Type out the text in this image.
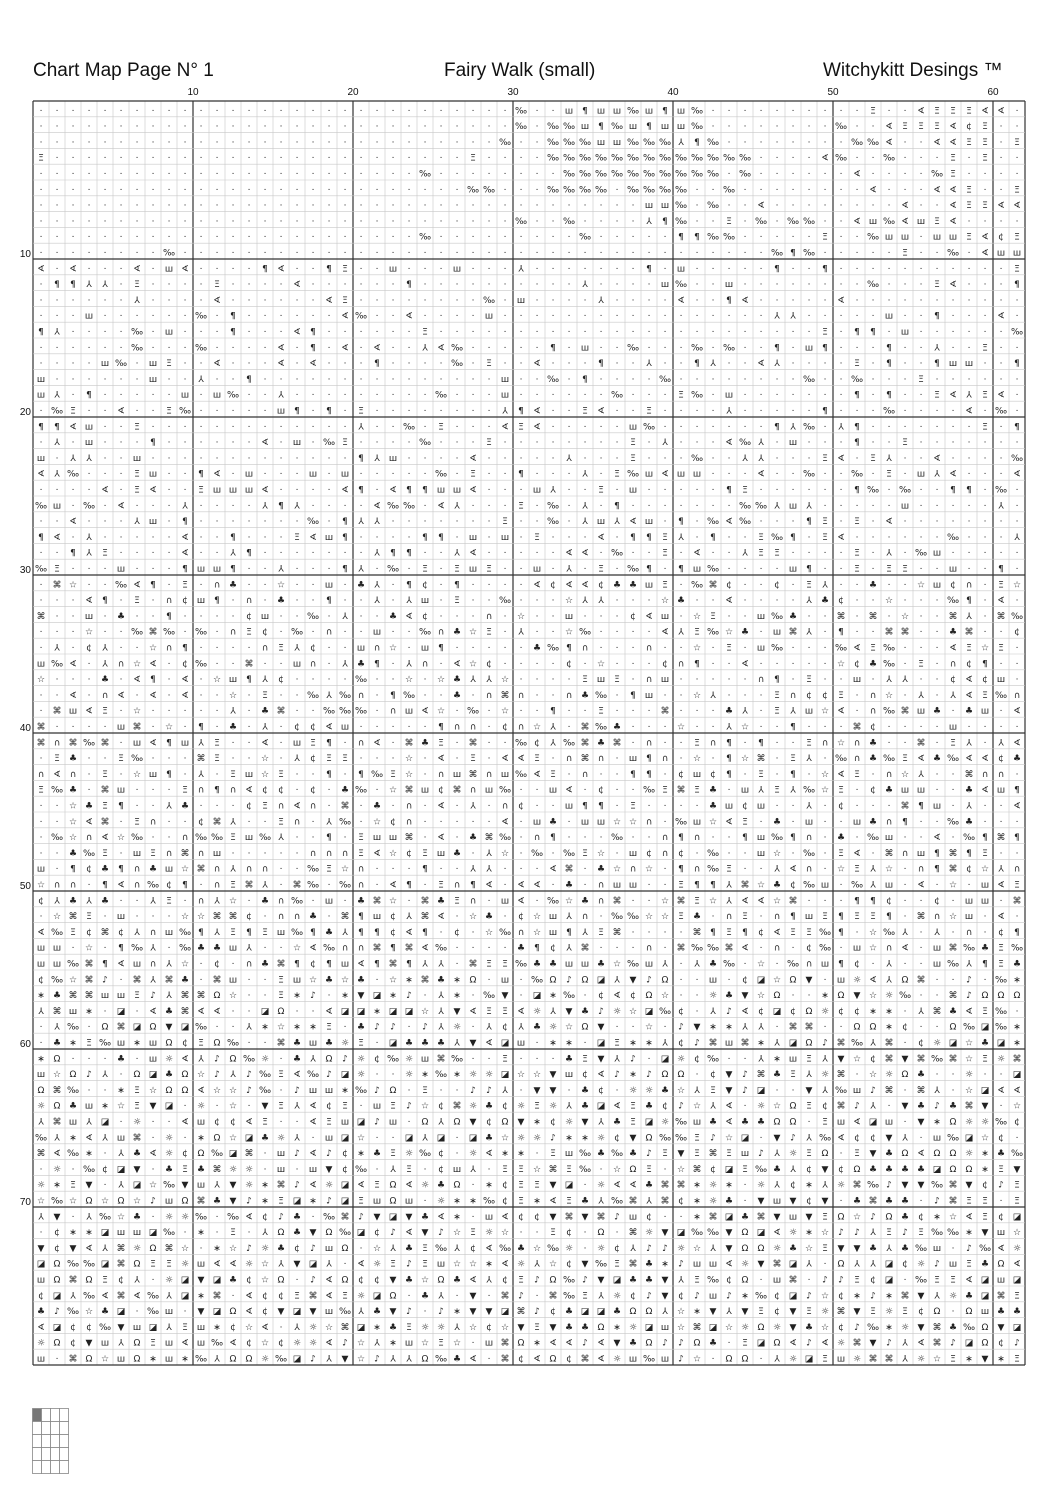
Chart Map Page N° 1	Fairy Walk (small)	Witchykitt Desings ™
· · · · · · · · · · · · · · · · · · · · · · · · · · · · · · ‰ · · ш ¶ ш ш ‰ ш ¶ ш ‰ · · · · · · · · · · Ξ · · ∢ Ξ Ξ Ξ ∢ ∢ ·
· · · · · · · · · · · · · · · · · · · · · · · · · · · · · · ‰ · ‰ ‰ ш ¶ ‰ ш ¶ ш ш ‰ · · · · · · · · ‰ · · ∢ Ξ Ξ Ξ ∢ ¢ Ξ · ·
· · · · · · · · · · · · · · · · · · · · · · · · · · · · · ‰ · · ‰ ‰ ‰ ш ш ‰ ‰ ‰ ⅄ ¶ ‰ · · · · · · · · ‰ ‰ ∢ · · ∢ ∢ Ξ Ξ · Ξ
Ξ · · · · · · · · · · · · · · · · · · · · · · · · · · Ξ · · · · ‰ ‰ ‰ ‰ ‰ ‰ ‰ ‰ ‰ ‰ ‰ ‰ ‰ · · · · ∢ ‰ · · ‰ · · · Ξ · Ξ · ·
· · · · · · · · · · · · · · · · · · · · · · · · ‰ · · · · · · · · ‰ ‰ ‰ ‰ ‰ ‰ ‰ ‰ ‰ ‰ · ‰ · · · · · · ∢ · · · · ‰ Ξ · · · ·
· · · · · · · · · · · · · · · · · · · · · · · · · · · ‰ ‰ · · · ‰ ‰ ‰ ‰ · ‰ ‰ ‰ ‰ · · ‰ · · · · · · · · ∢ · · · ∢ ∢ Ξ · · Ξ
· · · · · · · · · · · · · · · · · · · · · · · · · · · · · · · · · · · · · · ш ш ‰ · ‰ · · ∢ · · · · · · · · ∢ · · ∢ Ξ Ξ ∢ ∢
· · · · · · · · · · · · · · · · · · · · · · · · · · · · · · ‰ · · ‰ · · · · ⅄ ¶ ‰ · · Ξ · ‰ · ‰ ‰ · · ∢ ш ‰ ∢ ш Ξ ∢ · · · ·
· · · · · · · · · · · · · · · · · · · · · · · · ‰ · · · · · · · · · ‰ · · · · · ¶ ¶ ‰ ‰ · · · · · Ξ · · ‰ ш ш · ш ш Ξ ∢ ¢ Ξ
· · · · · · · · ‰ · · · · · · · · · · · · · · · · · · · · · · · · · · · · · · · · · · · · · ‰ ¶ ‰ · · · · · Ξ · · ‰ · ∢ ш ш
∢ · ∢ · · · ∢ · ш ∢ · · · · ¶ ∢ · · ¶ Ξ · · ш · · · ш · · · ⅄ · · · · · · · ¶ · ш · · · · · ¶ · · ¶ · · · · · · · · · · · Ξ
· ¶ ¶ ⅄ ⅄ · Ξ · · · · Ξ · · · · ∢ · · · · · · ¶ · · · · · · · · · · ⅄ · · · · ш ‰ · · ш · · · · · · · · ‰ · · · Ξ ∢ · · · ¶
· · · · · · ⅄ · · · · ∢ · · · · · · ∢ Ξ · · · · · · · · ‰ · ш · · · · ⅄ · · · · ∢ · · ¶ ∢ · · · · · ∢ · · · · · · · · · · ·
· · · ш · · · · · · ‰ · ¶ · · · · · · ∢ ‰ · · ∢ · · · · ш · · · · · · · · · · · · · · · · · ⅄ ⅄ · · · · · ш · · ¶ · · · ∢ ·
¶ ⅄ · · · · ‰ · ш · · · ¶ · · · ∢ ¶ · · · · · · Ξ · · · · · · · · · · · · · · · · · · · · · · · · Ξ · ¶ ¶ · ш · · · · · · ‰
· · · · · · ‰ · · · ‰ · · · · ∢ · ¶ · ∢ · ∢ · · ⅄ ∢ ‰ · · · · · ¶ · ш · · ‰ · · · ‰ · ‰ · · ¶ · ш ¶ · · · ¶ · · ⅄ · · Ξ · ·
· · · · ш ‰ · ш Ξ · · ∢ · · · ∢ · ∢ · · · ¶ · · · · ‰ · Ξ · · ∢ · · · ¶ · · ⅄ · · ¶ ⅄ · · ∢ ⅄ · · · · Ξ · ¶ · · ¶ ш ш · · ¶
ш · · · · · · ш · · ⅄ · · ¶ · · · · · · · · · · · · · · · ш · · ‰ · ¶ · · · · ‰ · · · · · · · · ‰ · · ‰ · · · Ξ · · · · · ·
ш ⅄ · ¶ · · · · · ш · ш ‰ · · ⅄ · · · · · · · · · ‰ · · · ш · · · · · · ‰ · · · Ξ ‰ · ш · · · · · · · ¶ · ¶ · · Ξ ∢ ⅄ Ξ ∢ ·
· ‰ Ξ · · ∢ · · Ξ ‰ · · · · · ш ¶ · ¶ · Ξ · · · · · · · · ⅄ ¶ ∢ · · Ξ ∢ · · Ξ · · · · ⅄ · · · · · ¶ · · · ‰ · · · · ∢ · ‰ ·
¶ ¶ ∢ ш · · Ξ · · · · · · · · · · · · · ⅄ · · ‰ · Ξ · · · ∢ Ξ ∢ · · · · · ш ‰ · · · · · · · ¶ ⅄ ‰ · ⅄ ¶ · · · · · · · Ξ · ¶
· ⅄ · ш · · · ¶ · · · · · · ∢ · ш · ‰ Ξ · · · · ‰ · · · Ξ · · · · · · · · Ξ · ⅄ · · · ∢ ‰ ⅄ · ш · · · ¶ · · Ξ · · · · · · ·
ш · ⅄ ⅄ · · ш · · · · · · · · · · · · · ¶ ⅄ ш · · · · ∢ · · · · · ⅄ · · · Ξ · · · ‰ · · ⅄ ⅄ · · · Ξ ∢ · Ξ ⅄ · · ∢ · · · · ‰
∢ ⅄ ‰ · · · Ξ ш · · ¶ ∢ · ш · · · ш · ш · · · · · ‰ · Ξ · · ¶ · · · ⅄ · Ξ ‰ ш ∢ ш ш · · · ∢ · · ‰ · · ‰ · Ξ · ш ⅄ ∢ · · · ∢
· · · · ∢ · Ξ ∢ · · Ξ ш ш ш ∢ · · · · ∢ ¶ · ∢ ¶ ¶ ш ш ∢ · · · ш ⅄ · · Ξ · ш · · · · · ¶ Ξ · · · · · · ¶ ‰ · ‰ · · ¶ ¶ · ‰ ·
‰ ш · ‰ · ∢ · · · ⅄ · · · · ⅄ ¶ ⅄ · · · · ∢ ‰ ‰ · ∢ ⅄ · · · Ξ · ‰ · ⅄ · ¶ · · · · · · · ‰ ‰ ⅄ ш ⅄ · · · · · ш · · · · · ⅄ ·
· · ∢ · · · ⅄ ш · ¶ · · · · · · · ‰ · ¶ ⅄ ⅄ · · · · · · · Ξ · · ‰ · ⅄ ш ⅄ ∢ ш · ¶ · ‰ ∢ ‰ · · · ¶ Ξ · Ξ · ∢ · · · · · · · ·
¶ ∢ · ⅄ · · · · · ∢ · · ¶ · · · Ξ ∢ ш ¶ · · · · ¶ ¶ · ш · ш · Ξ · · · ∢ · ¶ ¶ Ξ ⅄ · ¶ · · Ξ ‰ ¶ · Ξ ∢ · · · · · · ‰ · · · ⅄
· · ¶ ⅄ Ξ · · · · ∢ · · ⅄ ¶ · · · · · · · ⅄ ¶ ¶ · · ⅄ ∢ · · · · · ∢ ∢ · ‰ · · Ξ · ∢ · · ⅄ Ξ Ξ · · · · Ξ · ⅄ · ‰ ш · · · · ·
‰ Ξ · · · ш · · · ¶ ш ш ¶ · · ⅄ · · · ¶ ⅄ · ‰ · Ξ · Ξ ш Ξ · · ш · ⅄ · Ξ · ‰ ¶ · ¶ ш ‰ · · · · ш ¶ · · Ξ · Ξ Ξ · · ш · · ¶ ·
· ⌘ ☆ · · ‰ ∢ ¶ · Ξ · ∩ ♣ · · ☆ · · ш · ♣ ⅄ · ¶ ¢ · ¶ · · · · ∢ ¢ ∢ ∢ ¢ ♣ ♣ ш Ξ · ‰ ⌘ ¢ · · ¢ · Ξ ⅄ · · ♣ · · ☆ ш ¢ ∩ · Ξ ☆
· · · ∢ ¶ · Ξ · ∩ ¢ ш ¶ · ∩ · ♣ · · ¶ · · ⅄ · ⅄ ш · Ξ · · ‰ · · · ☆ ⅄ ⅄ · · · ☆ ♣ · · ∢ · · · · ⅄ ♣ ¢ · · ☆ · · · ‰ ¶ · ∢ ·
⌘ · · ш · ♣ · · ¶ · · · · ¢ ш · · ‰ · ⅄ · · ♣ ∢ ¢ · · · ∩ · ☆ · · ш · · · ¢ ∢ ш · ☆ Ξ · · ш ‰ ♣ · · ⌘ · ⌘ · ☆ · · ⌘ ⅄ · ⌘ ‰
· · · ☆ · · ‰ ⌘ ‰ · ‰ · ∩ Ξ ¢ · ‰ · ∩ · · ш · · ‰ ∩ ♣ ☆ Ξ · ⅄ · · ☆ ‰ · · · · ∢ ⅄ Ξ ‰ ☆ ♣ · ш ⌘ ⅄ · ¶ · · ⌘ ⌘ · · ♣ ⌘ · · ¢
· ⅄ · ¢ ⅄ · · ☆ ∩ ¶ · · · · ∩ Ξ ⅄ ¢ · · ш ∩ ☆ · ш ¶ · · · · · ♣ ‰ ¶ ∩ · · · ∩ · · ☆ · Ξ · ш ‰ · · · ‰ ∢ Ξ ‰ · · · ∢ Ξ ☆ Ξ ·
ш ‰ ∢ · ⅄ ∩ ☆ ∢ · ¢ ‰ · · ⌘ · · ш ∩ · ⅄ ♣ ¶ · ⅄ ∩ · ∢ ☆ ¢ · · · · ¢ · ☆ · · · ¢ ∩ ¶ · · ∢ · · · · · ☆ ¢ ♣ ‰ · Ξ · ∩ ¢ ¶ · ·
☆ · · · ♣ · ∢ ¶ · ∢ · ☆ ш ¶ ⅄ ¢ · · · · ‰ · · ☆ · ☆ ♣ ⅄ ⅄ ☆ · · · · Ξ ш Ξ · ∩ ш · · · · · ∩ ¶ · Ξ · · ш · ⅄ ⅄ · · ¢ ∢ ¢ ш ·
· · ∢ · ∩ ∢ · ∢ · ∢ · · ☆ · Ξ · · ‰ ⅄ ‰ ∩ · ¶ ‰ · · ♣ · ∩ ⌘ ∩ · · ∩ ♣ ‰ · ¶ ш · · ☆ ⅄ · · · Ξ ∩ ¢ ¢ Ξ · ∩ ☆ · ⅄ · ⅄ ∢ Ξ ‰ ∩
· ⌘ ш ∢ Ξ · ☆ · · · · · ⅄ · ♣ ⌘ · · ‰ ‰ ‰ · ∩ ш ∢ ☆ · ‰ · ☆ · · ¶ · · Ξ · · · ⌘ · · · ♣ ⅄ · Ξ ⅄ ш ☆ ∢ · ∩ ‰ ⌘ ш ♣ · ♣ ш · ∢
⌘ · · · · ш ⌘ · ☆ · ¶ · ♣ · ⅄ · ¢ ¢ ∢ ш · · · · · ¶ ∩ ∩ · ¢ ∩ ☆ ⅄ · ⌘ ‰ ♣ · · · ☆ · · ⅄ ☆ · · ¶ · · · ⌘ ¢ · · · · ш · · · ·
⌘ ∩ ⌘ ‰ ⌘ · ш ∢ ¶ ш ⅄ Ξ · · ∢ · ш Ξ ¶ · ∩ ∢ · ⌘ ♣ Ξ · ⌘ · · ‰ ¢ ⅄ ‰ ⌘ ♣ ⌘ · ∩ · · Ξ ∩ ¶ · ¶ · · Ξ ∩ ☆ ∩ ♣ · · ⌘ · Ξ ⅄ · ⅄ ∢
· Ξ ♣ · · Ξ ‰ · · · ⌘ Ξ · · ☆ · ⅄ ¢ Ξ Ξ · · · ☆ · ∢ · Ξ · ∢ ∢ Ξ · ∩ ⌘ ∩ · ш ¶ ∩ · ☆ · ¶ ☆ ⌘ · Ξ ⅄ · ‰ ∩ ♣ ‰ Ξ ∢ ♣ ‰ ∢ ∢ ¢ ♣
∩ ∢ ∩ · Ξ · ☆ ш ¶ · ⅄ · Ξ ш ☆ Ξ · · ¶ · ¶ ‰ Ξ ☆ · ∩ ш ⌘ ∩ ш ‰ ∢ Ξ · ∩ · · ¶ ¶ · ¢ ш ¢ ¶ · Ξ · ¶ · ☆ ∢ Ξ · ∩ ☆ ⅄ · · ⌘ ∩ ∩ ·
Ξ ‰ ♣ · ⌘ ш · · · Ξ ∩ ¶ ∩ ∢ ¢ ¢ · ¢ · ♣ ‰ · ☆ ⌘ ш ¢ ⌘ ∩ ш ‰ · · ш ∢ · ¢ · · ‰ Ξ ⌘ Ξ ♣ · ш ⅄ Ξ ⅄ ‰ ☆ Ξ · ¢ ♣ ш ш · · ♣ ∢ ш ¶
· · ☆ ♣ Ξ ¶ · · ⅄ ♣ · · · ¢ Ξ ∩ ∢ ∩ · ⌘ · ♣ · ∩ · ∢ · ⅄ · ∩ ¢ · · ш ¶ ¶ · Ξ · · · · ♣ ш ¢ ш · · ⅄ · ¢ · · · ⌘ ¶ ш · ⅄ · · ∢
· · ☆ ∢ ⌘ · Ξ ∩ · · ¢ ⌘ ⅄ · · Ξ ∩ · ⅄ ‰ · ☆ ¢ ∩ · · · · · ∢ · ш ♣ · ш ш ☆ ☆ ∩ · ‰ ш ☆ ∢ Ξ · ♣ · ш · · ш ♣ ∩ ¶ · · ‰ ♣ · · ·
· ‰ ☆ ∩ ∢ ☆ ‰ · · ∩ ‰ ‰ Ξ ш ‰ ⅄ · · ¶ · Ξ ш ш ⌘ · ∢ · ♣ ⌘ ‰ · ∩ ¶ · · · ‰ · · ∩ ¶ ∩ · · ¶ ш ‰ ¶ ∩ · ♣ · ‰ ш · · ∢ · ‰ ¶ ⌘ ¶
· · ♣ ‰ Ξ · ш Ξ ∩ ⌘ ∩ ш · · · · · ∩ ∩ ∩ Ξ ∢ ☆ ¢ Ξ ш ♣ · ⅄ ☆ · ‰ · ‰ Ξ ☆ · ш ¢ ∩ ¢ · ‰ · · ш ☆ · ‰ · Ξ ∢ · ⌘ ∩ ш ¶ ⌘ ¶ Ξ · ·
ш · ¶ ¢ ♣ ¶ ∩ ♣ ш ☆ ⌘ ∩ ⅄ ∩ ∩ · · ‰ Ξ ☆ ∩ · · · ¶ · · ⅄ ⅄ · · · ∢ ⌘ · ♣ ☆ ∩ ☆ · ¶ ∩ ‰ Ξ · · ⅄ ∢ ∩ · ☆ Ξ ⅄ ☆ · ∩ ¶ ⌘ ¢ ☆ ⅄ ∩
☆ ∩ ∩ · ¶ ∢ ∩ ‰ ¢ ¶ · ∩ Ξ ⌘ ⅄ · ⌘ ‰ · ‰ ∩ · ∢ ¶ · Ξ ∩ ¶ ∢ · ∢ ∢ · ♣ · ∩ ш ш · · Ξ ¶ ¶ ⅄ ⌘ ☆ ♣ ¢ ‰ ш · ‰ ⅄ ш · ∢ · ☆ · ш ∢ Ξ
¢ ⅄ ♣ ⅄ ♣ · · ⅄ Ξ · ∩ ⅄ ☆ · ♣ ∩ ‰ · ш · ♣ ⌘ ☆ · ⌘ ♣ Ξ ∩ · ш ∢ · ‰ ☆ ♣ ∩ ⌘ · · ☆ ⌘ Ξ ☆ ⅄ ∢ ∢ ☆ ⌘ · · · ¶ ¶ ¢ · · ¢ · ш ш · ⌘
· ☆ ⌘ Ξ · ш · · · ☆ ☆ ⌘ ⌘ ¢ · ∩ ∩ ♣ · ⌘ ¶ ш ¢ ⅄ ⌘ ∢ · ☆ ♣ · ¢ ☆ ш ⅄ ∩ · ‰ ‰ ☆ ☆ Ξ ♣ · ∩ Ξ · ∩ ¶ ш Ξ ¶ Ξ Ξ ¶ · ⌘ ∩ ☆ ш · ∢ ·
∢ ‰ Ξ ¢ ⌘ ¢ ⅄ ∩ ш ‰ ¶ ⅄ Ξ ¶ Ξ ш ‰ ¶ ♣ ⅄ ¶ ¶ ¢ ∢ ¶ · ¢ · ☆ ‰ ∩ ☆ ш ¶ ⅄ Ξ ⌘ · · · · ⌘ ¶ Ξ ¶ ¢ ∢ Ξ Ξ ‰ ¶ · ☆ ‰ ⅄ · ⅄ · ∩ · ¢ ¶
ш ш · ☆ · ¶ ‰ ⅄ · ‰ ♣ ♣ ш ⅄ · · ☆ ∢ ‰ ∩ ∩ ⌘ ¶ ⌘ ∢ ‰ · · · · ♣ ¶ ¢ ⅄ ⌘ · · · ∩ · ⌘ ‰ ‰ ⌘ ∢ · ∩ · ¢ ‰ · ш ☆ ∩ ∢ · ш ⌘ ‰ ♣ Ξ ‰
ш ш ‰ ⌘ ¶ ∢ ш ∩ ⅄ ☆ · ¢ · ∩ ♣ ⌘ ¶ ¢ ¶ ш ∢ ¶ ⌘ ¶ ⅄ ⅄ · ⌘ Ξ Ξ ‰ ♣ ♣ ш ш ♣ ☆ ‰ ш ⅄ · ⅄ ♣ ‰ · ☆ · ‰ ∩ ш ¶ ¢ · ⅄ · · ш ‰ ⅄ ¶ Ξ ♣
¢ ‰ ☆ ⌘ ♪ · ⌘ ⅄ ⌘ ♣ · ⌘ ш · · Ξ ш ☆ ♣ ☆ ♣ · ☆ ∗ ⌘ ♣ ∗ Ω · ш · ‰ Ω ♪ Ω ◪ ⅄ ▼ ♪ Ω · · ш · ¢ ◪ ☆ Ω ▼ · ш ☼ ∢ ⅄ Ω ⌘ · · ♪ · ‰ ∗
∗ ♣ ⌘ ⌘ ш ш Ξ ♪ ⅄ ⌘ ⌘ Ω ☆ · · Ξ ∗ ♪ · ∗ ▼ ◪ ∗ ♪ · ⅄ ∗ · ‰ ▼ · ◪ ∗ ‰ · ¢ ∢ ¢ Ω ☆ · · ☼ ♣ ▼ ☆ Ω · · ∗ Ω ▼ ☆ ☼ ‰ · · ⌘ ♪ Ω Ω Ω
⅄ ⌘ ш ∗ · ◪ · ∢ ♣ ⌘ ∢ ∢ · · ◪ Ω · · ∢ ◪ ◪ ∗ ◪ ◪ ☆ ⅄ ▼ ∢ Ξ Ξ ∢ ☼ ⅄ ▼ ♣ ♪ ☼ ☆ ◪ ‰ ¢ · ⅄ ♪ ∢ ¢ ◪ ¢ Ω ☼ ¢ ¢ ∗ ∗ · ⅄ ⌘ ♣ ∢ Ξ ‰ ·
· ⅄ ‰ · Ω ⌘ ◪ Ω ▼ ◪ ‰ · · ⅄ ∗ ☆ ∗ ∗ Ξ · ♣ ♪ ♪ · ♪ ⅄ ☼ · ⅄ ¢ ⅄ ♣ ☼ ☆ Ω ▼ · · ☆ · ♪ ▼ ∗ ∗ ⅄ ⅄ · ⌘ ⌘ · · Ω Ω ∗ ¢ · · Ω ‰ ◪ ‰ ∗
· ♣ ∗ Ξ ‰ ш ∗ ш Ω ¢ Ξ Ω ‰ · · ⌘ ♣ ш ♣ ☼ Ξ · ◪ ♣ ♣ ♣ ⅄ ▼ ∢ ◪ ш · ∗ ∗ · ◪ Ξ ∗ ∗ ⅄ ¢ ♪ ⌘ ш ⌘ ∗ ⅄ ◪ Ω ♪ ⌘ ‰ ⅄ ⌘ · ¢ ☼ ◪ ☆ ♣ ◪ ∗
∗ Ω · · · ♣ · ш ☼ ∢ ⅄ ♪ Ω ‰ ☼ · ♣ ⅄ Ω ♪ ☼ ¢ ‰ ☼ ш ⌘ ‰ · · Ξ · · · ♣ Ξ ▼ ⅄ ♪ · ◪ ☼ ¢ ‰ · · ⅄ ∗ ш Ξ ⅄ ▼ ☆ ¢ ⌘ ▼ ⌘ ‰ ⌘ ☆ Ξ ☼ ⌘
ш ☆ Ω ♪ ⅄ · Ω ◪ ♣ Ω ☆ ♪ ⅄ ♪ ‰ Ξ ∢ ‰ ♪ ◪ ☼ · · ☼ ∗ ‰ ∗ ☼ ☼ ◪ ☆ ☆ ▼ ш ¢ ∢ ♪ ∗ ♪ Ω Ω · ¢ ▼ ♪ ⌘ ♣ Ξ ⅄ ☼ ⌘ · ☆ ☼ Ω ♣ · · ☼ · · ◪
Ω ⌘ ‰ · · ∗ Ξ ☆ Ω Ω ∢ ☆ ☆ ♪ ‰ · ♪ ш ш ∗ ‰ ♪ Ω · Ξ · · ♪ ♪ ⅄ · ▼ ▼ · ♣ ¢ · ☼ ☼ ♣ ☆ ⅄ Ξ ▼ ♪ ◪ · · ▼ ⅄ ‰ ш ♪ ⌘ · ⌘ ⅄ · ☆ ◪ ∢ ∢
☼ Ω ♣ ш ∗ ☆ Ξ ▼ ◪ · ☼ · ☆ · ▼ Ξ ⅄ ∢ ¢ Ξ · ш Ξ ♪ ☆ ¢ ⌘ ☼ ♣ ¢ ☼ Ξ ☼ ⅄ ♣ ◪ ∢ Ξ ♣ ¢ ♪ ☆ ⅄ ∢ · ☼ ☆ Ω Ξ ¢ ⌘ ♪ ⅄ · ▼ ♣ ♪ ♣ ⌘ ▼ · ☆
⅄ ⌘ ш ⅄ ◪ · ☼ · · ∢ ш ¢ ¢ ∢ Ξ · · ∢ Ξ ш ◪ ♪ ш · Ω ⅄ Ω ▼ ¢ Ω ▼ ∗ ¢ ☼ ▼ ⅄ ♣ Ξ ◪ ☼ ‰ ш ♣ ∢ ♣ ♣ Ω Ω · Ξ ш ∢ ◪ ш · ▼ ∗ Ω ☼ ☼ ‰ ¢
‰ ⅄ ∗ ∢ ⅄ ш ⌘ · ☼ · ∗ Ω ☆ ◪ ♣ ☼ ⅄ · ш ◪ ☆ · · ◪ ⅄ ◪ · ◪ ♣ ☆ ☼ ☼ ♪ ∗ ∗ ☼ ¢ ▼ Ω ‰ ‰ Ξ ♪ ☆ ◪ · ▼ ♪ ⅄ ‰ ∢ ¢ ¢ ▼ ⅄ · ш ‰ ◪ ☆ ¢ ·
⌘ ∢ ‰ ∗ · ⅄ ♣ ∢ ☼ ¢ Ω ‰ ◪ ⌘ · ш ♪ ∢ ♪ ¢ ∗ ♣ Ξ ☼ ‰ ¢ · ☼ ∢ ∗ ∗ · Ξ ш ‰ ♣ ‰ ♣ ♪ Ξ ▼ Ξ ⌘ Ξ ш ♪ ⅄ ☼ Ξ Ω · Ξ ▼ ♣ Ω ∢ Ω Ω ☼ ∗ ♣ ‰
· ☼ · ‰ ¢ ◪ ▼ · ♣ Ξ ♣ ⌘ ☼ ☼ · ш · ш ▼ ¢ ‰ · ⅄ Ξ · ¢ ш ⅄ · Ξ Ξ ☆ ⌘ Ξ ‰ · ☆ Ω Ξ · ☆ ⌘ ¢ ◪ Ξ ‰ ♣ ⅄ ¢ ▼ ¢ Ω ♣ ♣ ♣ ♣ ◪ Ω Ω ∗ Ξ ▼
☼ ∗ Ξ ▼ · ⅄ ◪ ☆ ‰ ▼ ш ⅄ ▼ ☼ ∗ ⌘ ♪ ∢ ☼ ◪ ∢ Ξ Ω ∢ ☼ ♣ Ω · ∗ ¢ Ξ Ξ ▼ ◪ · ☼ ∢ ∢ ♣ ⌘ ⌘ ∗ ☼ ∗ · ☼ ⅄ ¢ ∗ ⅄ ☼ ⌘ ‰ ♪ ▼ ▼ ‰ ⌘ ▼ ¢ ♪ Ξ
☆ ‰ ☆ Ω ☆ Ω ☆ ♪ ш Ω ⌘ ♣ ▼ ♪ ∗ Ξ ◪ ∗ ♪ ◪ Ξ ш Ω ш · ☼ ∗ ∗ ‰ ¢ Ξ ∗ ∢ Ξ ♣ ⅄ ‰ ⌘ ⅄ ⌘ ¢ ∗ ☼ ♣ · ▼ ш ▼ ¢ ▼ · ♣ ⌘ ♣ ♣ · ♪ ⌘ Ξ Ξ · Ξ
⅄ ▼ · ⅄ ‰ ☆ ♣ · ☼ ☼ ‰ · ‰ ∢ ¢ ♪ ♣ · ‰ ⌘ ♪ ▼ ◪ ▼ ♣ ∢ ∗ · ш ∢ ¢ ¢ ▼ ⌘ ▼ ⌘ ♪ ш ¢ · · ∗ ⌘ ◪ ♣ ⌘ ▼ ш ▼ Ξ Ω ☆ ♪ Ω ♣ ¢ ∗ ☆ ∢ Ξ ¢ ◪
· ¢ ∗ ∗ ◪ ш ш ◪ ‰ · ∗ · Ξ · ⅄ Ω ♣ ▼ Ω ‰ ◪ ¢ ♪ ∢ ▼ ♪ ☆ Ξ ☼ ☆ · · Ξ ¢ · Ω · ⌘ ☼ ▼ ◪ ‰ ‰ ▼ Ω ◪ ∢ ☼ ∗ ☆ ♪ ♪ ⅄ Ξ ♪ Ξ ‰ ‰ ∗ ▼ ш ☆
▼ ¢ ▼ ∢ ⅄ ⌘ ☼ Ω ⌘ ☆ · ∗ ☆ ♪ ☼ ♣ ¢ ♪ ш Ω · ☆ ⅄ ♣ Ξ ‰ ⅄ ¢ ∢ ‰ ♣ ☆ ‰ ☼ · ☼ ¢ ⅄ ♪ ♪ ☼ ☆ ⅄ ▼ Ω Ω ☼ ♣ ☆ Ξ ▼ ▼ ♣ ⅄ ♣ ‰ ш · ♪ ‰ ∢ ☼
◪ Ω ‰ ‰ ◪ ⌘ Ω Ξ Ξ ☼ ш ∢ ∢ ☼ ☆ ⅄ ▼ ◪ ⅄ · ∢ ☼ Ξ ♪ Ξ ш ☆ ☆ ∗ ∢ ☼ ⅄ ☆ ¢ ▼ ‰ Ξ ⌘ ♣ ∗ ♪ ш ш ∢ ☼ ▼ ⌘ ◪ ⅄ · Ω ⅄ ⅄ ◪ ¢ ☼ ♪ ш Ξ ♣ Ω ∢
ш Ω ⌘ Ω Ξ ¢ ⅄ · ☼ ◪ ▼ ◪ ♣ ¢ ☆ Ω · ♪ ∢ Ω ¢ ¢ ▼ ♣ ☆ Ω ♣ ∢ ⅄ ¢ Ξ ♪ Ω ‰ ♪ ▼ ◪ ♣ ♣ ▼ ⅄ Ξ ‰ ¢ Ω · ш ⌘ · ♪ ♪ Ξ ¢ ◪ · ‰ Ξ Ξ ∢ ◪ ш ◪
¢ ◪ ⅄ ‰ ∢ ⌘ ∢ ‰ ⅄ ◪ ∗ ⌘ · ∢ ¢ ¢ Ξ ⌘ ∢ Ξ ☼ ◪ Ω · ♣ ⅄ · ▼ · ⌘ ♪ · ⌘ ‰ Ξ ⅄ ☼ ¢ ♪ ▼ ¢ ♪ ш ♪ ∗ ‰ ¢ ◪ ♪ ☆ ¢ ∗ ♪ ∗ ⌘ ▼ ⅄ ☼ ♣ ◪ ⌘ Ξ
♣ ♪ ‰ ☆ ♣ ◪ · ‰ ш · ▼ ◪ Ω ∢ ¢ ▼ ◪ ▼ ш ‰ ⅄ ♣ ▼ ♪ · ♪ ∗ ▼ ▼ ◪ ⌘ ♪ ¢ ♣ ◪ ◪ ♣ Ω Ω ⅄ ☆ ∗ ▼ ⅄ ▼ Ξ ¢ ▼ Ξ ☼ ⌘ ▼ Ξ ☼ Ξ ¢ Ω · Ω ш ♣ ♣
∢ ◪ ¢ ¢ ‰ ▼ ш ◪ ⅄ Ξ ш ∗ ¢ ☆ ∢ · ⅄ ☼ ☆ ⌘ ◪ ∗ ♣ Ξ ☼ ☼ ⅄ ☆ ¢ ☆ ▼ Ξ ▼ ♣ ♣ Ω ∗ ☼ ◪ ш ☆ ⌘ ◪ ☆ ☼ Ω ☼ ▼ ♣ ☆ ¢ ♪ ‰ ∗ ☼ ▼ ⌘ ♣ ‰ Ω ▼ ◪
☼ Ω ¢ ▼ ш ⅄ Ω Ξ ш ∢ ш ‰ ∢ ¢ ☆ ¢ ☼ ☼ ∢ ♪ ☆ ⅄ ∗ ш ☆ Ξ ☆ · ш ⌘ Ω ∗ ∢ ∢ ♪ ∢ ▼ ♣ Ω ♪ ♪ Ω ♣ · Ξ ◪ Ω ∢ ♪ ∢ ☼ ⌘ ▼ ♪ ⅄ ∢ ⌘ ♪ ◪ Ω ¢ ♪
ш · ⌘ Ω ☆ ш Ω ∗ ш ∗ ‰ ⅄ Ω Ω ☼ ‰ ◪ ♪ ⅄ ▼ ☆ ♪ ⅄ ⅄ Ω ‰ ♣ ∢ · ⌘ ¢ ∢ Ω ¢ ⌘ ∢ ☼ ш ‰ ш ♪ ☆ · Ω Ω · ⅄ ☼ ◪ Ξ ш ☼ ⌘ ⌘ ⅄ ☼ ☆ Ξ ∗ ▼ ∗ Ξ
10	20	30	40	50	60
10
20
30
40
50
60
70
